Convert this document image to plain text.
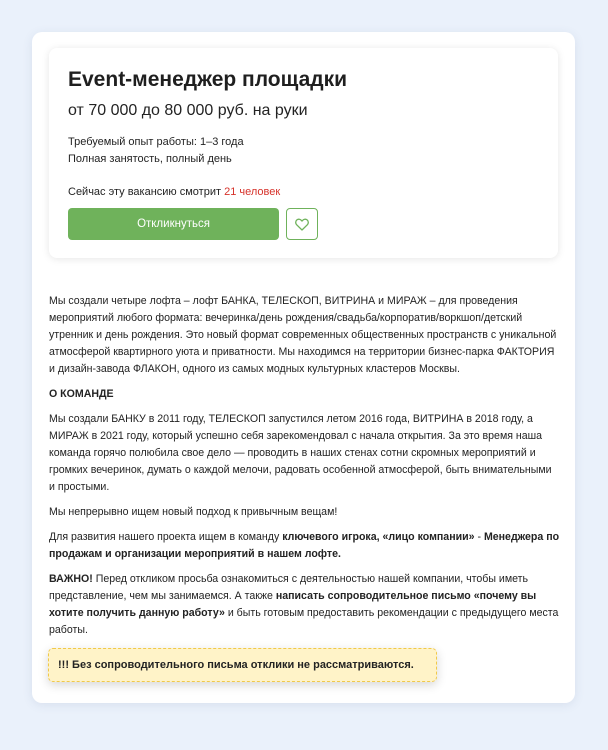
Event-менеджер площадки
от 70 000 до 80 000 руб. на руки
Требуемый опыт работы: 1–3 года
Полная занятость, полный день
Сейчас эту вакансию смотрит 21 человек
Откликнуться

Мы создали четыре лофта – лофт БАНКА, ТЕЛЕСКОП, ВИТРИНА и МИРАЖ – для проведения мероприятий любого формата: вечеринка/день рождения/свадьба/корпоратив/воркшоп/детский утренник и день рождения. Это новый формат современных общественных пространств с уникальной атмосферой квартирного уюта и приватности. Мы находимся на территории бизнес-парка ФАКТОРИЯ и дизайн-завода ФЛАКОН, одного из самых модных культурных кластеров Москвы.

О КОМАНДЕ

Мы создали БАНКУ в 2011 году, ТЕЛЕСКОП запустился летом 2016 года, ВИТРИНА в 2018 году, а МИРАЖ в 2021 году, который успешно себя зарекомендовал с начала открытия. За это время наша команда горячо полюбила свое дело — проводить в наших стенах сотни скромных мероприятий и громких вечеринок, думать о каждой мелочи, радовать особенной атмосферой, быть внимательными и простыми.

Мы непрерывно ищем новый подход к привычным вещам!

Для развития нашего проекта ищем в команду ключевого игрока, «лицо компании» - Менеджера по продажам и организации мероприятий в нашем лофте.

ВАЖНО! Перед откликом просьба ознакомиться с деятельностью нашей компании, чтобы иметь представление, чем мы занимаемся. А также написать сопроводительное письмо «почему вы хотите получить данную работу» и быть готовым предоставить рекомендации с предыдущего места работы.

!!! Без сопроводительного письма отклики не рассматриваются.
